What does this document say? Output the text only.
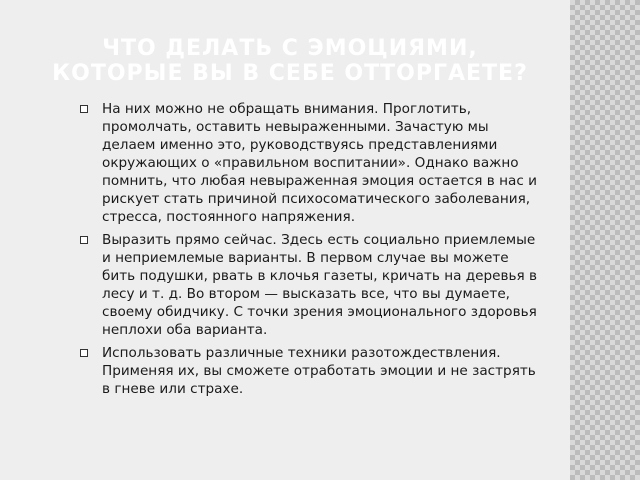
ЧТО ДЕЛАТЬ С ЭМОЦИЯМИ, КОТОРЫЕ ВЫ В СЕБЕ ОТТОРГАЕТЕ?
На них можно не обращать внимания. Проглотить, промолчать, оставить невыраженными. Зачастую мы делаем именно это, руководствуясь представлениями окружающих о «правильном воспитании». Однако важно помнить, что любая невыраженная эмоция остается в нас и рискует стать причиной психосоматического заболевания, стресса, постоянного напряжения.
Выразить прямо сейчас. Здесь есть социально приемлемые и неприемлемые варианты. В первом случае вы можете бить подушки, рвать в клочья газеты, кричать на деревья в лесу и т. д. Во втором — высказать все, что вы думаете, своему обидчику. С точки зрения эмоционального здоровья неплохи оба варианта.
Использовать различные техники разотождествления. Применяя их, вы сможете отработать эмоции и не застрять в гневе или страхе.
